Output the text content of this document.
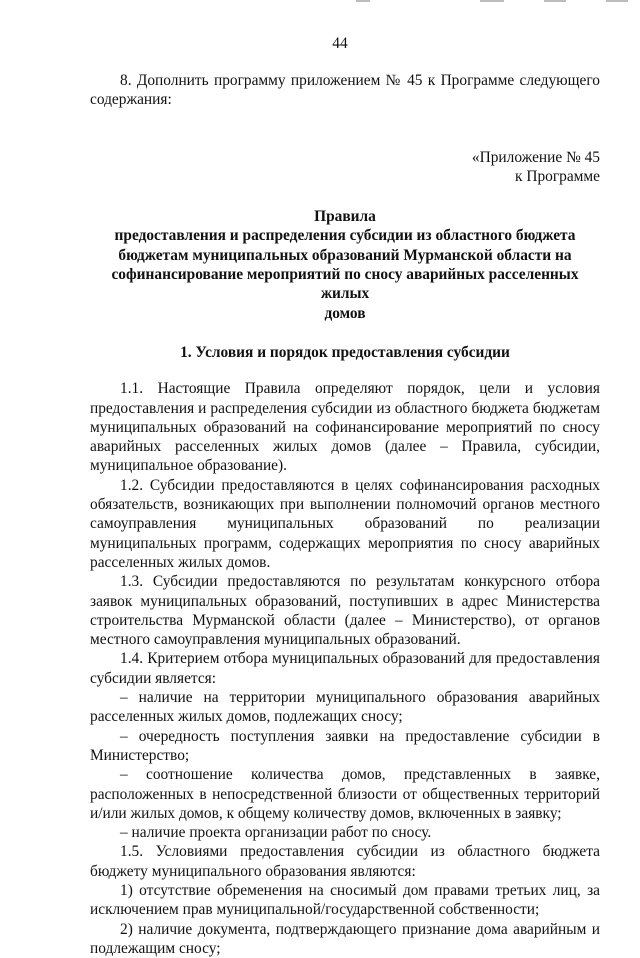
44

8. Дополнить программу приложением № 45 к Программе следующего содержания:

«Приложение № 45
к Программе

Правила
предоставления и распределения субсидии из областного бюджета
бюджетам муниципальных образований Мурманской области на
софинансирование мероприятий по сносу аварийных расселенных жилых
домов

1. Условия и порядок предоставления субсидии

1.1. Настоящие Правила определяют порядок, цели и условия предоставления и распределения субсидии из областного бюджета бюджетам муниципальных образований на софинансирование мероприятий по сносу аварийных расселенных жилых домов (далее – Правила, субсидии, муниципальное образование).

1.2. Субсидии предоставляются в целях софинансирования расходных обязательств, возникающих при выполнении полномочий органов местного самоуправления муниципальных образований по реализации муниципальных программ, содержащих мероприятия по сносу аварийных расселенных жилых домов.

1.3. Субсидии предоставляются по результатам конкурсного отбора заявок муниципальных образований, поступивших в адрес Министерства строительства Мурманской области (далее – Министерство), от органов местного самоуправления муниципальных образований.

1.4. Критерием отбора муниципальных образований для предоставления субсидии является:

– наличие на территории муниципального образования аварийных расселенных жилых домов, подлежащих сносу;

– очередность поступления заявки на предоставление субсидии в Министерство;

– соотношение количества домов, представленных в заявке, расположенных в непосредственной близости от общественных территорий и/или жилых домов, к общему количеству домов, включенных в заявку;

– наличие проекта организации работ по сносу.

1.5. Условиями предоставления субсидии из областного бюджета бюджету муниципального образования являются:

1) отсутствие обременения на сносимый дом правами третьих лиц, за исключением прав муниципальной/государственной собственности;

2) наличие документа, подтверждающего признание дома аварийным и подлежащим сносу;
